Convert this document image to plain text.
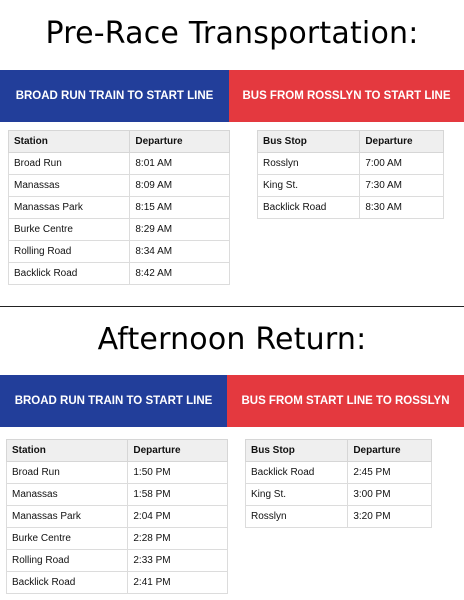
Pre-Race Transportation:
BROAD RUN TRAIN TO START LINE	BUS FROM ROSSLYN TO START LINE
Station	Departure
Broad Run	8:01 AM
Manassas	8:09 AM
Manassas Park	8:15 AM
Burke Centre	8:29 AM
Rolling Road	8:34 AM
Backlick Road	8:42 AM
Bus Stop	Departure
Rosslyn	7:00 AM
King St.	7:30 AM
Backlick Road	8:30 AM
Afternoon Return:
BROAD RUN TRAIN TO START LINE	BUS FROM START LINE TO ROSSLYN
Station	Departure
Broad Run	1:50 PM
Manassas	1:58 PM
Manassas Park	2:04 PM
Burke Centre	2:28 PM
Rolling Road	2:33 PM
Backlick Road	2:41 PM
Bus Stop	Departure
Backlick Road	2:45 PM
King St.	3:00 PM
Rosslyn	3:20 PM
